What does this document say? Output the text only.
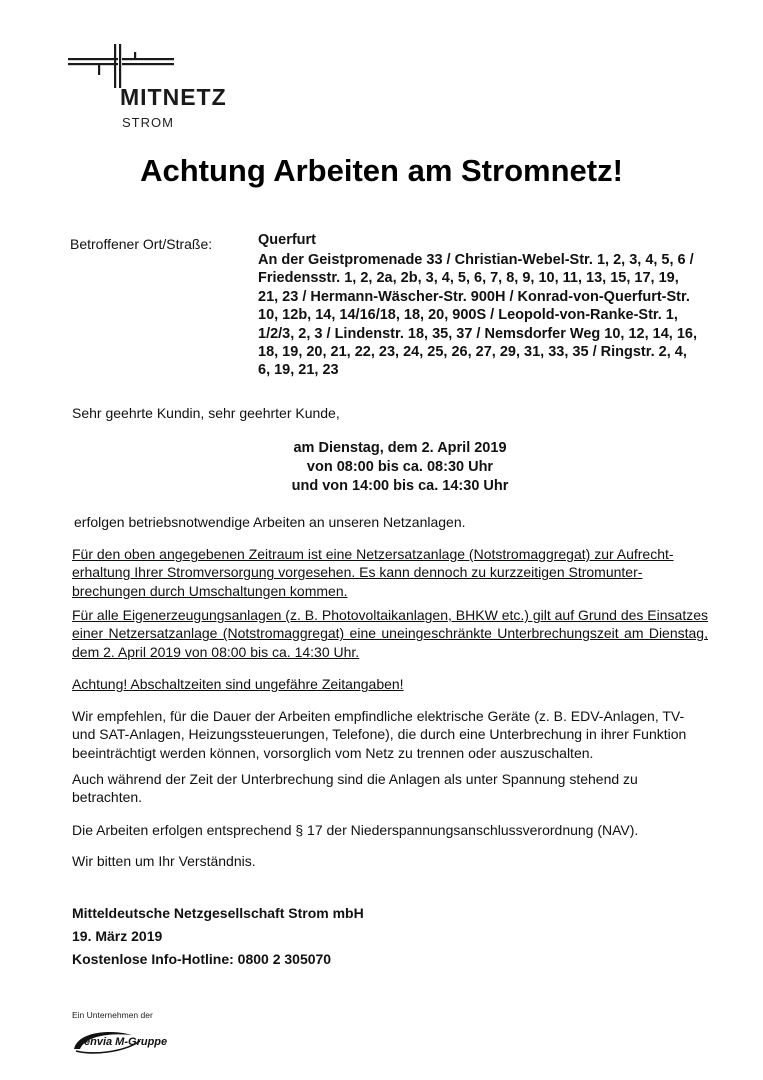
MITNETZ
STROM
Achtung Arbeiten am Stromnetz!
Betroffener Ort/Straße:	Querfurt
An der Geistpromenade 33 / Christian-Webel-Str. 1, 2, 3, 4, 5, 6 / Friedensstr. 1, 2, 2a, 2b, 3, 4, 5, 6, 7, 8, 9, 10, 11, 13, 15, 17, 19, 21, 23 / Hermann-Wäscher-Str. 900H / Konrad-von-Querfurt-Str. 10, 12b, 14, 14/16/18, 18, 20, 900S / Leopold-von-Ranke-Str. 1, 1/2/3, 2, 3 / Lindenstr. 18, 35, 37 / Nemsdorfer Weg 10, 12, 14, 16, 18, 19, 20, 21, 22, 23, 24, 25, 26, 27, 29, 31, 33, 35 / Ringstr. 2, 4, 6, 19, 21, 23
Sehr geehrte Kundin, sehr geehrter Kunde,
am Dienstag, dem 2. April 2019
von 08:00 bis ca. 08:30 Uhr
und von 14:00 bis ca. 14:30 Uhr
erfolgen betriebsnotwendige Arbeiten an unseren Netzanlagen.
Für den oben angegebenen Zeitraum ist eine Netzersatzanlage (Notstromaggregat) zur Aufrecht-erhaltung Ihrer Stromversorgung vorgesehen. Es kann dennoch zu kurzzeitigen Stromunter-brechungen durch Umschaltungen kommen.
Für alle Eigenerzeugungsanlagen (z. B. Photovoltaikanlagen, BHKW etc.) gilt auf Grund des Einsatzes einer Netzersatzanlage (Notstromaggregat) eine uneingeschränkte Unterbrechungszeit am Dienstag, dem 2. April 2019 von 08:00 bis ca. 14:30 Uhr.
Achtung! Abschaltzeiten sind ungefähre Zeitangaben!
Wir empfehlen, für die Dauer der Arbeiten empfindliche elektrische Geräte (z. B. EDV-Anlagen, TV- und SAT-Anlagen, Heizungssteuerungen, Telefone), die durch eine Unterbrechung in ihrer Funktion beeinträchtigt werden können, vorsorglich vom Netz zu trennen oder auszuschalten.
Auch während der Zeit der Unterbrechung sind die Anlagen als unter Spannung stehend zu betrachten.
Die Arbeiten erfolgen entsprechend § 17 der Niederspannungsanschlussverordnung (NAV).
Wir bitten um Ihr Verständnis.
Mitteldeutsche Netzgesellschaft Strom mbH
19. März 2019
Kostenlose Info-Hotline: 0800 2 305070
Ein Unternehmen der
envia M-Gruppe
